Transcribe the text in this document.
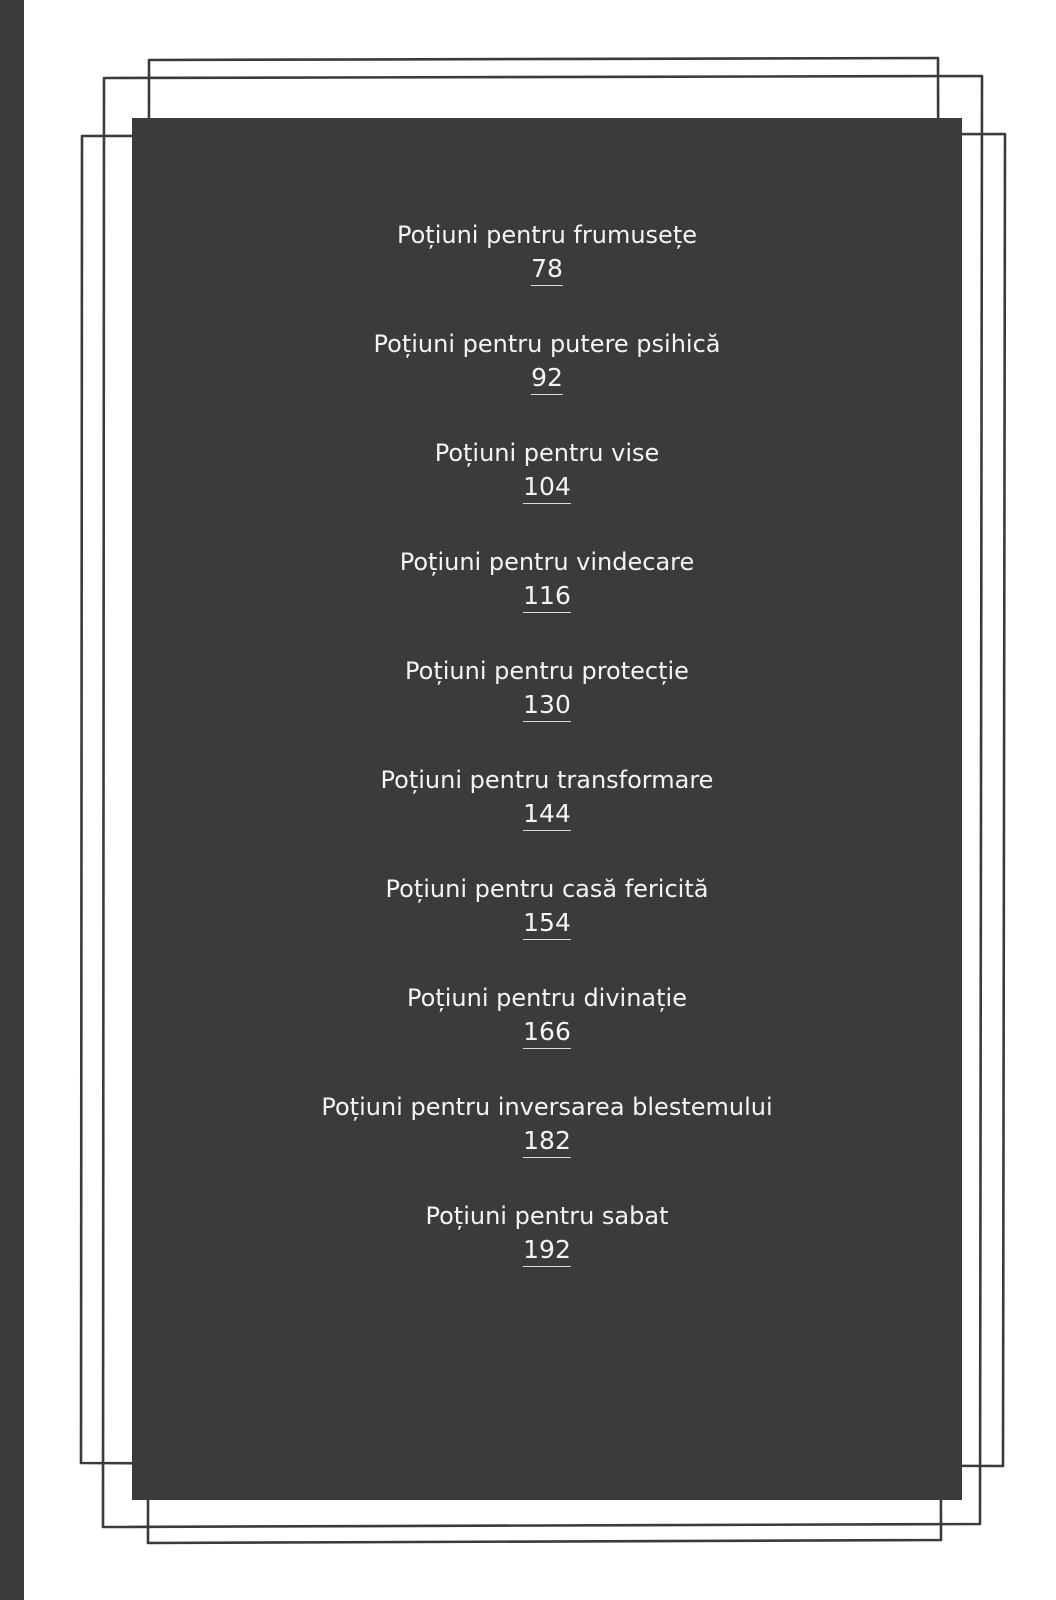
Poțiuni pentru frumusețe
78
Poțiuni pentru putere psihică
92
Poțiuni pentru vise
104
Poțiuni pentru vindecare
116
Poțiuni pentru protecție
130
Poțiuni pentru transformare
144
Poțiuni pentru casă fericită
154
Poțiuni pentru divinație
166
Poțiuni pentru inversarea blestemului
182
Poțiuni pentru sabat
192
